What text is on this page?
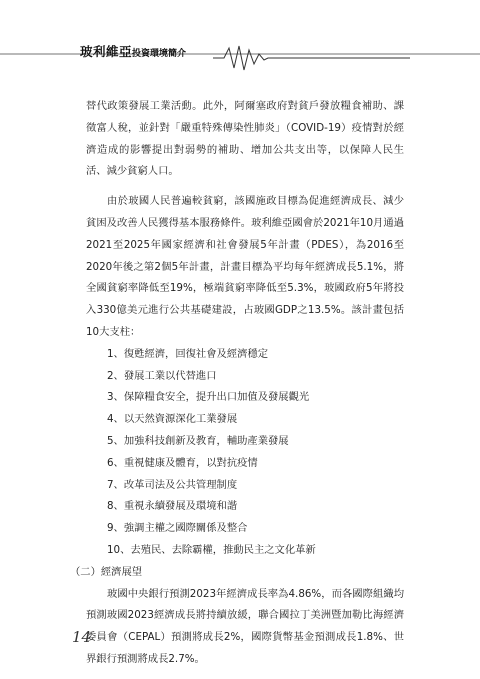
玻利維亞投資環境簡介

替代政策發展工業活動。此外，阿爾塞政府對貧戶發放糧食補助、課徵富人稅，並針對「嚴重特殊傳染性肺炎」（COVID-19）疫情對於經濟造成的影響提出對弱勢的補助、增加公共支出等，以保障人民生活、減少貧窮人口。

由於玻國人民普遍較貧窮，該國施政目標為促進經濟成長、減少貧困及改善人民獲得基本服務條件。玻利維亞國會於2021年10月通過2021至2025年國家經濟和社會發展5年計畫（PDES），為2016至2020年後之第2個5年計畫，計畫目標為平均每年經濟成長5.1%，將全國貧窮率降低至19%，極端貧窮率降低至5.3%，玻國政府5年將投入330億美元進行公共基礎建設，占玻國GDP之13.5%。該計畫包括10大支柱：

1、復甦經濟，回復社會及經濟穩定
2、發展工業以代替進口
3、保障糧食安全，提升出口加值及發展觀光
4、以天然資源深化工業發展
5、加強科技創新及教育，輔助產業發展
6、重視健康及體育，以對抗疫情
7、改革司法及公共管理制度
8、重視永續發展及環境和諧
9、強調主權之國際關係及整合
10、去殖民、去除霸權，推動民主之文化革新

（二）經濟展望

玻國中央銀行預測2023年經濟成長率為4.86%，而各國際組織均預測玻國2023經濟成長將持續放緩，聯合國拉丁美洲暨加勒比海經濟委員會（CEPAL）預測將成長2%，國際貨幣基金預測成長1.8%、世界銀行預測將成長2.7%。

14
